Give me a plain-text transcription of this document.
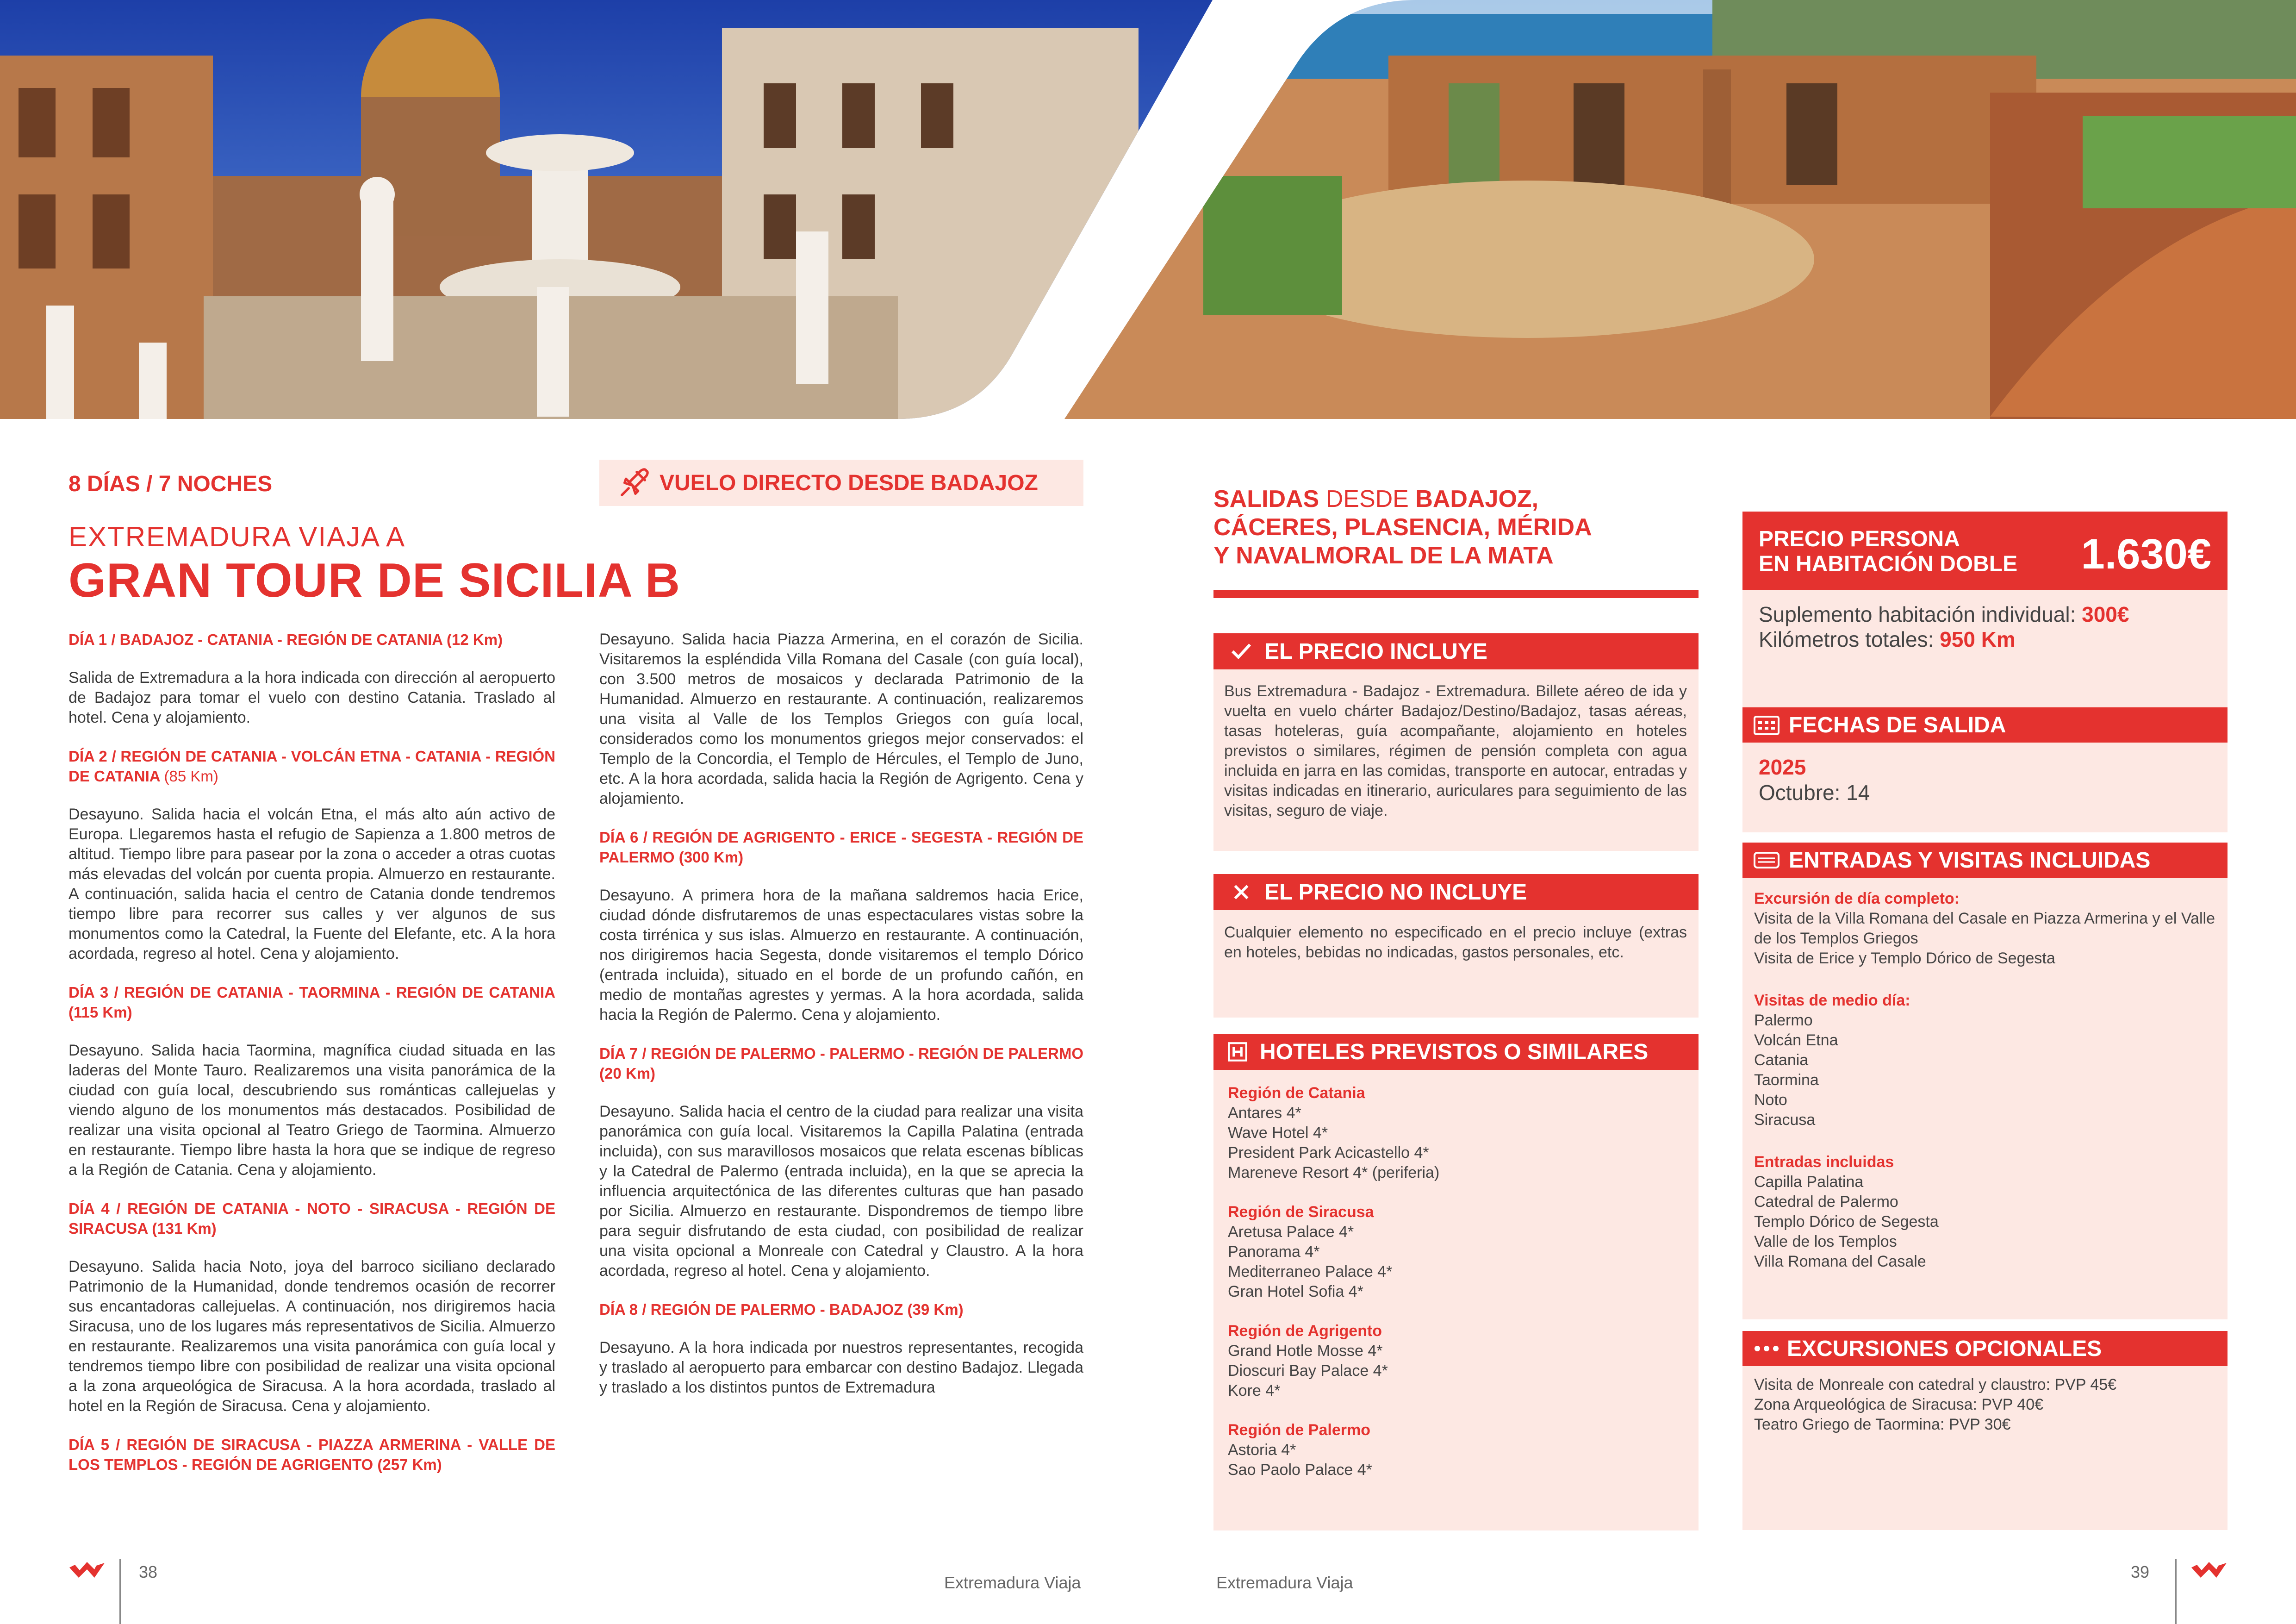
8 DÍAS / 7 NOCHES	VUELO DIRECTO DESDE BADAJOZ
EXTREMADURA VIAJA A
GRAN TOUR DE SICILIA B

DÍA 1 / BADAJOZ - CATANIA - REGIÓN DE CATANIA (12 Km)

Salida de Extremadura a la hora indicada con dirección al aeropuerto de Badajoz para tomar el vuelo con destino Catania. Traslado al hotel. Cena y alojamiento.

DÍA 2 / REGIÓN DE CATANIA - VOLCÁN ETNA - CATANIA - REGIÓN DE CATANIA (85 Km)

Desayuno. Salida hacia el volcán Etna, el más alto aún activo de Europa. Llegaremos hasta el refugio de Sapienza a 1.800 metros de altitud. Tiempo libre para pasear por la zona o acceder a otras cuotas más elevadas del volcán por cuenta propia. Almuerzo en restaurante. A continuación, salida hacia el centro de Catania donde tendremos tiempo libre para recorrer sus calles y ver algunos de sus monumentos como la Catedral, la Fuente del Elefante, etc. A la hora acordada, regreso al hotel. Cena y alojamiento.

DÍA 3 / REGIÓN DE CATANIA - TAORMINA - REGIÓN DE CATANIA (115 Km)

Desayuno. Salida hacia Taormina, magnífica ciudad situada en las laderas del Monte Tauro. Realizaremos una visita panorámica de la ciudad con guía local, descubriendo sus románticas callejuelas y viendo alguno de los monumentos más destacados. Posibilidad de realizar una visita opcional al Teatro Griego de Taormina. Almuerzo en restaurante. Tiempo libre hasta la hora que se indique de regreso a la Región de Catania. Cena y alojamiento.

DÍA 4 / REGIÓN DE CATANIA - NOTO - SIRACUSA - REGIÓN DE SIRACUSA (131 Km)

Desayuno. Salida hacia Noto, joya del barroco siciliano declarado Patrimonio de la Humanidad, donde tendremos ocasión de recorrer sus encantadoras callejuelas. A continuación, nos dirigiremos hacia Siracusa, uno de los lugares más representativos de Sicilia. Almuerzo en restaurante. Realizaremos una visita panorámica con guía local y tendremos tiempo libre con posibilidad de realizar una visita opcional a la zona arqueológica de Siracusa. A la hora acordada, traslado al hotel en la Región de Siracusa. Cena y alojamiento.

DÍA 5 / REGIÓN DE SIRACUSA - PIAZZA ARMERINA - VALLE DE LOS TEMPLOS - REGIÓN DE AGRIGENTO (257 Km)

Desayuno. Salida hacia Piazza Armerina, en el corazón de Sicilia. Visitaremos la espléndida Villa Romana del Casale (con guía local), con 3.500 metros de mosaicos y declarada Patrimonio de la Humanidad. Almuerzo en restaurante. A continuación, realizaremos una visita al Valle de los Templos Griegos con guía local, considerados como los monumentos griegos mejor conservados: el Templo de la Concordia, el Templo de Hércules, el Templo de Juno, etc. A la hora acordada, salida hacia la Región de Agrigento. Cena y alojamiento.

DÍA 6 / REGIÓN DE AGRIGENTO - ERICE - SEGESTA - REGIÓN DE PALERMO (300 Km)

Desayuno. A primera hora de la mañana saldremos hacia Erice, ciudad dónde disfrutaremos de unas espectaculares vistas sobre la costa tirrénica y sus islas. Almuerzo en restaurante. A continuación, nos dirigiremos hacia Segesta, donde visitaremos el templo Dórico (entrada incluida), situado en el borde de un profundo cañón, en medio de montañas agrestes y yermas. A la hora acordada, salida hacia la Región de Palermo. Cena y alojamiento.

DÍA 7 / REGIÓN DE PALERMO - PALERMO - REGIÓN DE PALERMO (20 Km)

Desayuno. Salida hacia el centro de la ciudad para realizar una visita panorámica con guía local. Visitaremos la Capilla Palatina (entrada incluida), con sus maravillosos mosaicos que relata escenas bíblicas y la Catedral de Palermo (entrada incluida), en la que se aprecia la influencia arquitectónica de las diferentes culturas que han pasado por Sicilia. Almuerzo en restaurante. Dispondremos de tiempo libre para seguir disfrutando de esta ciudad, con posibilidad de realizar una visita opcional a Monreale con Catedral y Claustro. A la hora acordada, regreso al hotel. Cena y alojamiento.

DÍA 8 / REGIÓN DE PALERMO - BADAJOZ (39 Km)

Desayuno. A la hora indicada por nuestros representantes, recogida y traslado al aeropuerto para embarcar con destino Badajoz. Llegada y traslado a los distintos puntos de Extremadura

SALIDAS DESDE BADAJOZ,
CÁCERES, PLASENCIA, MÉRIDA
Y NAVALMORAL DE LA MATA
EL PRECIO INCLUYE
Bus Extremadura - Badajoz - Extremadura. Billete aéreo de ida y vuelta en vuelo chárter Badajoz/Destino/Badajoz, tasas aéreas, tasas hoteleras, guía acompañante, alojamiento en hoteles previstos o similares, régimen de pensión completa con agua incluida en jarra en las comidas, transporte en autocar, entradas y visitas indicadas en itinerario, auriculares para seguimiento de las visitas, seguro de viaje.
EL PRECIO NO INCLUYE
Cualquier elemento no especificado en el precio incluye (extras en hoteles, bebidas no indicadas, gastos personales, etc.
HOTELES PREVISTOS O SIMILARES
Región de Catania
Antares 4*
Wave Hotel 4*
President Park Acicastello 4*
Mareneve Resort 4* (periferia)
Región de Siracusa
Aretusa Palace 4*
Panorama 4*
Mediterraneo Palace 4*
Gran Hotel Sofia 4*
Región de Agrigento
Grand Hotle Mosse 4*
Dioscuri Bay Palace 4*
Kore 4*
Región de Palermo
Astoria 4*
Sao Paolo Palace 4*
PRECIO PERSONA
EN HABITACIÓN DOBLE 1.630€
Suplemento habitación individual: 300€
Kilómetros totales: 950 Km
FECHAS DE SALIDA
2025
Octubre: 14
ENTRADAS Y VISITAS INCLUIDAS
Excursión de día completo:
Visita de la Villa Romana del Casale en Piazza Armerina y el Valle de los Templos Griegos
Visita de Erice y Templo Dórico de Segesta
Visitas de medio día:
Palermo
Volcán Etna
Catania
Taormina
Noto
Siracusa
Entradas incluidas
Capilla Palatina
Catedral de Palermo
Templo Dórico de Segesta
Valle de los Templos
Villa Romana del Casale
EXCURSIONES OPCIONALES
Visita de Monreale con catedral y claustro: PVP 45€
Zona Arqueológica de Siracusa: PVP 40€
Teatro Griego de Taormina: PVP 30€
38
Extremadura Viaja	Extremadura Viaja
39
